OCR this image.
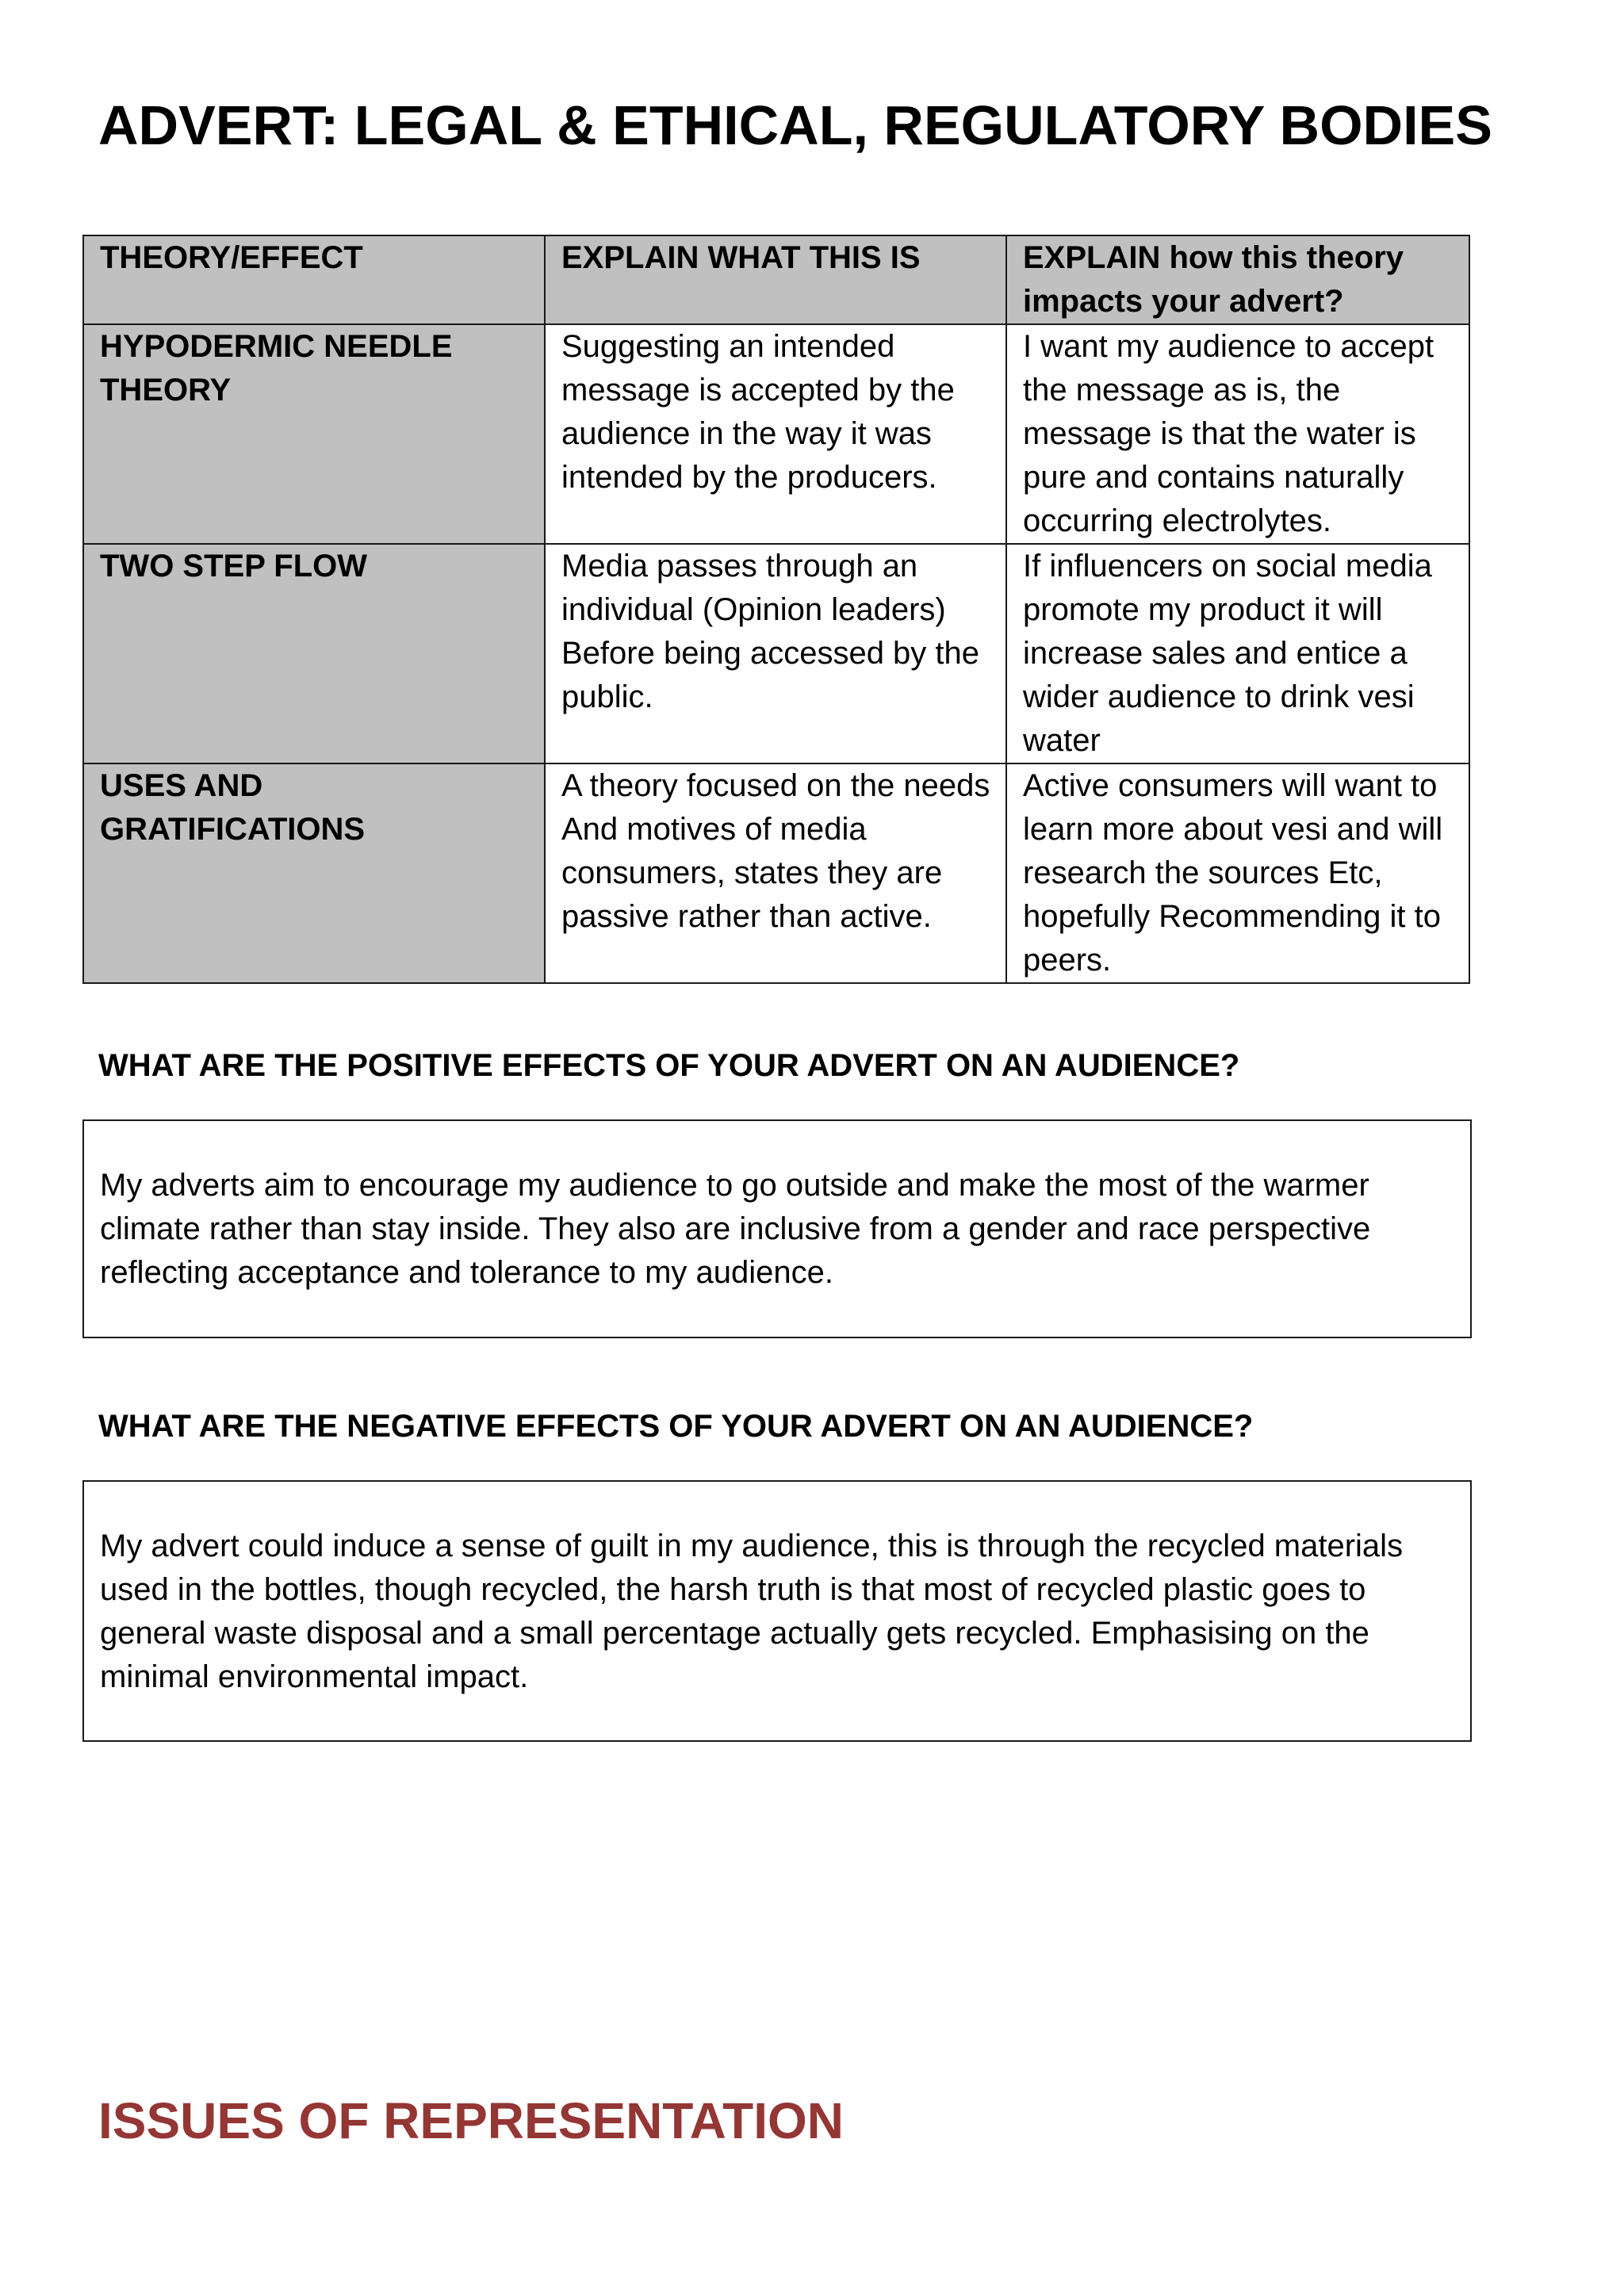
ADVERT: LEGAL & ETHICAL, REGULATORY BODIES
THEORY/EFFECT	EXPLAIN WHAT THIS IS	EXPLAIN how this theory impacts your advert?
HYPODERMIC NEEDLE THEORY	Suggesting an intended message is accepted by the audience in the way it was intended by the producers.	I want my audience to accept the message as is, the message is that the water is pure and contains naturally occurring electrolytes.
TWO STEP FLOW	Media passes through an individual (Opinion leaders) Before being accessed by the public.	If influencers on social media promote my product it will increase sales and entice a wider audience to drink vesi water
USES AND GRATIFICATIONS	A theory focused on the needs And motives of media consumers, states they are passive rather than active.	Active consumers will want to learn more about vesi and will research the sources Etc, hopefully Recommending it to peers.
WHAT ARE THE POSITIVE EFFECTS OF YOUR ADVERT ON AN AUDIENCE?
My adverts aim to encourage my audience to go outside and make the most of the warmer climate rather than stay inside. They also are inclusive from a gender and race perspective reflecting acceptance and tolerance to my audience.
WHAT ARE THE NEGATIVE EFFECTS OF YOUR ADVERT ON AN AUDIENCE?
My advert could induce a sense of guilt in my audience, this is through the recycled materials used in the bottles, though recycled, the harsh truth is that most of recycled plastic goes to general waste disposal and a small percentage actually gets recycled. Emphasising on the minimal environmental impact.
ISSUES OF REPRESENTATION
